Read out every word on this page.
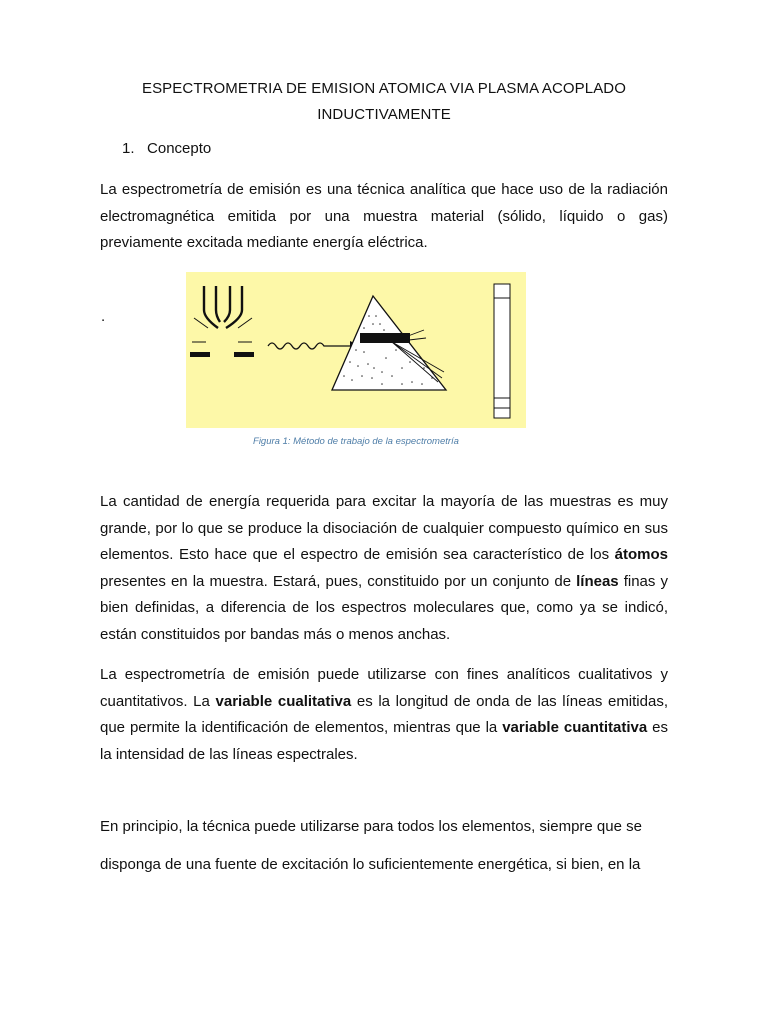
ESPECTROMETRIA DE EMISION ATOMICA VIA PLASMA ACOPLADO
INDUCTIVAMENTE
1. Concepto
La espectrometría de emisión es una técnica analítica que hace uso de la radiación electromagnética emitida por una muestra material (sólido, líquido o gas) previamente excitada mediante energía eléctrica.
.
Figura 1: Método de trabajo de la espectrometría
La cantidad de energía requerida para excitar la mayoría de las muestras es muy grande, por lo que se produce la disociación de cualquier compuesto químico en sus elementos. Esto hace que el espectro de emisión sea característico de los átomos presentes en la muestra. Estará, pues, constituido por un conjunto de líneas finas y bien definidas, a diferencia de los espectros moleculares que, como ya se indicó, están constituidos por bandas más o menos anchas.
La espectrometría de emisión puede utilizarse con fines analíticos cualitativos y cuantitativos. La variable cualitativa es la longitud de onda de las líneas emitidas, que permite la identificación de elementos, mientras que la variable cuantitativa es la intensidad de las líneas espectrales.
En principio, la técnica puede utilizarse para todos los elementos, siempre que se
disponga de una fuente de excitación lo suficientemente energética, si bien, en la
